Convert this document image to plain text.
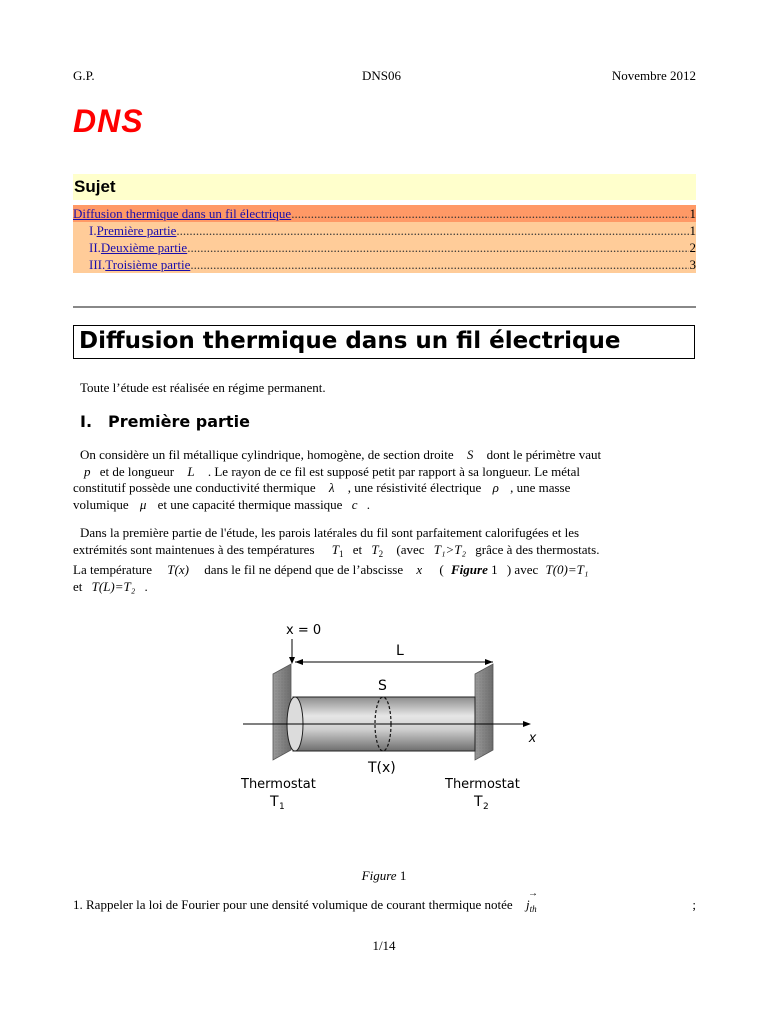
G.P.	DNS06	Novembre 2012
DNS
Sujet
Diffusion thermique dans un fil électrique .....	1
I. Première partie .....	1
II. Deuxième partie .....	2
III. Troisième partie .....	3
Diffusion thermique dans un fil électrique
Toute l’étude est réalisée en régime permanent.
I. Première partie
On considère un fil métallique cylindrique, homogène, de section droite S dont le périmètre vaut
p et de longueur L . Le rayon de ce fil est supposé petit par rapport à sa longueur. Le métal
constitutif possède une conductivité thermique λ , une résistivité électrique ρ , une masse
volumique μ et une capacité thermique massique c .
Dans la première partie de l'étude, les parois latérales du fil sont parfaitement calorifugées et les
extrémités sont maintenues à des températures $T_1$ et $T_2$ (avec T₁>T₂ grâce à des thermostats.
La température T(x) dans le fil ne dépend que de l’abscisse x ( Figure 1 ) avec T(0)=T₁
et T(L)=T₂ .
x
x = 0
L
S
T(x)
Thermostat
T 1
Thermostat
T 2
Figure 1
1. Rappeler la loi de Fourier pour une densité volumique de courant thermique notée j
→
$_{th}$	;
1/14
